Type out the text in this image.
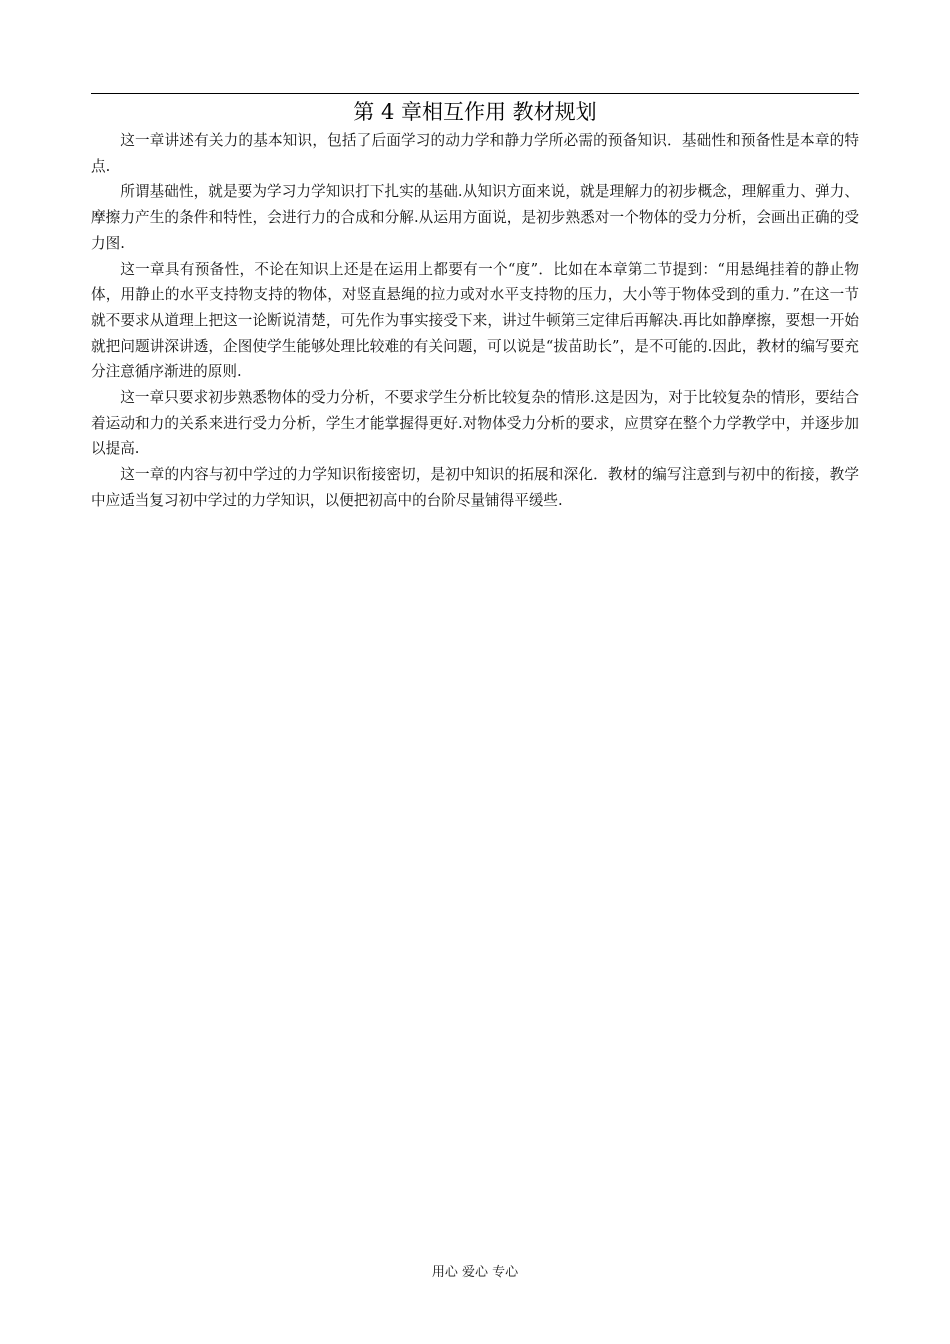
第 4 章相互作用 教材规划

这一章讲述有关力的基本知识，包括了后面学习的动力学和静力学所必需的预备知识．基础性和预备性是本章的特点.

所谓基础性，就是要为学习力学知识打下扎实的基础.从知识方面来说，就是理解力的初步概念，理解重力、弹力、摩擦力产生的条件和特性，会进行力的合成和分解.从运用方面说，是初步熟悉对一个物体的受力分析，会画出正确的受力图.

这一章具有预备性，不论在知识上还是在运用上都要有一个“度”．比如在本章第二节提到：“用悬绳挂着的静止物体，用静止的水平支持物支持的物体，对竖直悬绳的拉力或对水平支持物的压力，大小等于物体受到的重力．”在这一节就不要求从道理上把这一论断说清楚，可先作为事实接受下来，讲过牛顿第三定律后再解决.再比如静摩擦，要想一开始就把问题讲深讲透，企图使学生能够处理比较难的有关问题，可以说是“拔苗助长”，是不可能的.因此，教材的编写要充分注意循序渐进的原则.

这一章只要求初步熟悉物体的受力分析，不要求学生分析比较复杂的情形.这是因为，对于比较复杂的情形，要结合着运动和力的关系来进行受力分析，学生才能掌握得更好.对物体受力分析的要求，应贯穿在整个力学教学中，并逐步加以提高.

这一章的内容与初中学过的力学知识衔接密切，是初中知识的拓展和深化．教材的编写注意到与初中的衔接，教学中应适当复习初中学过的力学知识，以便把初高中的台阶尽量铺得平缓些.

用心 爱心 专心
